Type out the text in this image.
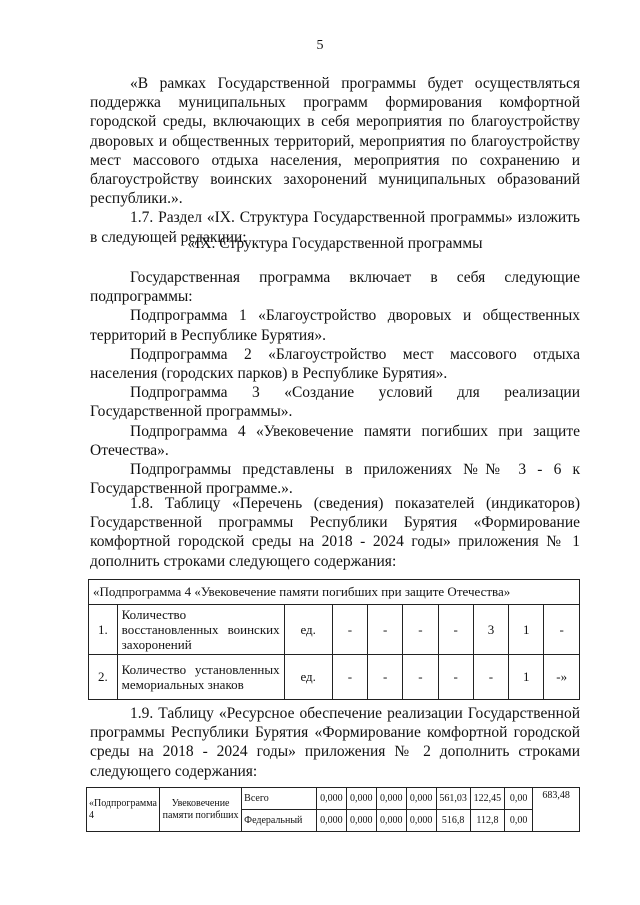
5

«В рамках Государственной программы будет осуществляться поддержка муниципальных программ формирования комфортной городской среды, включающих в себя мероприятия по благоустройству дворовых и общественных территорий, мероприятия по благоустройству мест массового отдыха населения, мероприятия по сохранению и благоустройству воинских захоронений муниципальных образований республики.».

1.7. Раздел «IX. Структура Государственной программы» изложить в следующей редакции:

«IX. Структура Государственной программы

Государственная программа включает в себя следующие подпрограммы:

Подпрограмма 1 «Благоустройство дворовых и общественных территорий в Республике Бурятия».

Подпрограмма 2 «Благоустройство мест массового отдыха населения (городских парков) в Республике Бурятия».

Подпрограмма 3 «Создание условий для реализации Государственной программы».

Подпрограмма 4 «Увековечение памяти погибших при защите Отечества».

Подпрограммы представлены в приложениях №№ 3 - 6 к Государственной программе.».

1.8. Таблицу «Перечень (сведения) показателей (индикаторов) Государственной программы Республики Бурятия «Формирование комфортной городской среды на 2018 - 2024 годы» приложения № 1 дополнить строками следующего содержания:

«Подпрограмма 4 «Увековечение памяти погибших при защите Отечества»									
1.	Количество восстановленных воинских захоронений	ед.	-	-	-	-	3	1	-
2.	Количество установленных мемориальных знаков	ед.	-	-	-	-	-	1	-»

1.9. Таблицу «Ресурсное обеспечение реализации Государственной программы Республики Бурятия «Формирование комфортной городской среды на 2018 - 2024 годы» приложения № 2 дополнить строками следующего содержания:

«Подпрограмма 4	Увековечение памяти погибших	Всего	0,000	0,000	0,000	0,000	561,03	122,45	0,00	683,48
		Федеральный	0,000	0,000	0,000	0,000	516,8	112,8	0,00	
